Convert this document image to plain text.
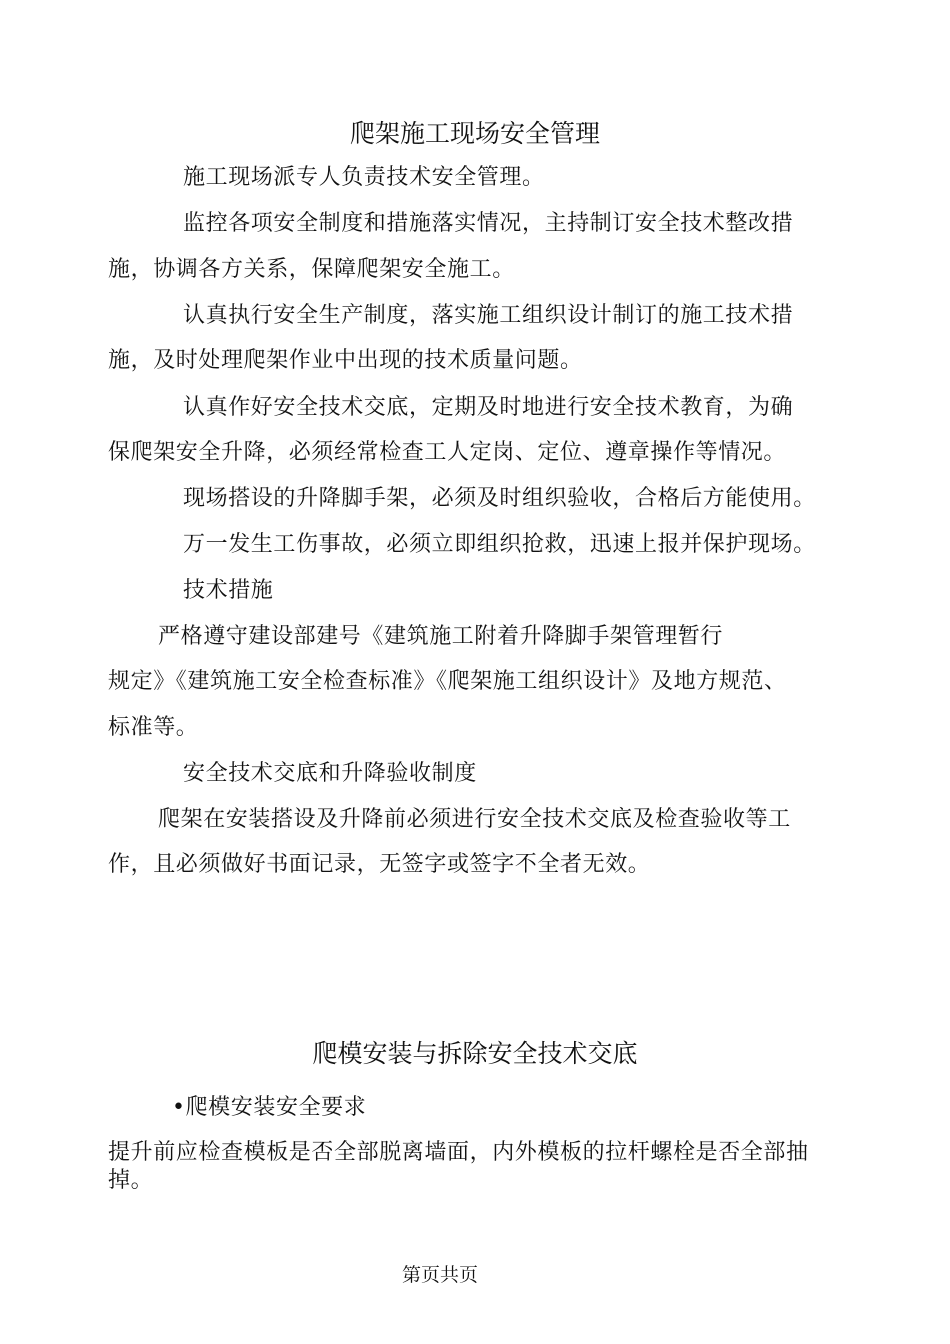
爬架施工现场安全管理
施工现场派专人负责技术安全管理。
监控各项安全制度和措施落实情况，主持制订安全技术整改措
施，协调各方关系，保障爬架安全施工。
认真执行安全生产制度，落实施工组织设计制订的施工技术措
施，及时处理爬架作业中出现的技术质量问题。
认真作好安全技术交底，定期及时地进行安全技术教育，为确
保爬架安全升降，必须经常检查工人定岗、定位、遵章操作等情况。
现场搭设的升降脚手架，必须及时组织验收，合格后方能使用。
万一发生工伤事故，必须立即组织抢救，迅速上报并保护现场。
技术措施
严格遵守建设部建号《建筑施工附着升降脚手架管理暂行
规定》《建筑施工安全检查标准》《爬架施工组织设计》及地方规范、
标准等。
安全技术交底和升降验收制度
爬架在安装搭设及升降前必须进行安全技术交底及检查验收等工
作，且必须做好书面记录，无签字或签字不全者无效。
爬模安装与拆除安全技术交底
•爬模安装安全要求
提升前应检查模板是否全部脱离墙面，内外模板的拉杆螺栓是否全部抽
掉。
第页共页
